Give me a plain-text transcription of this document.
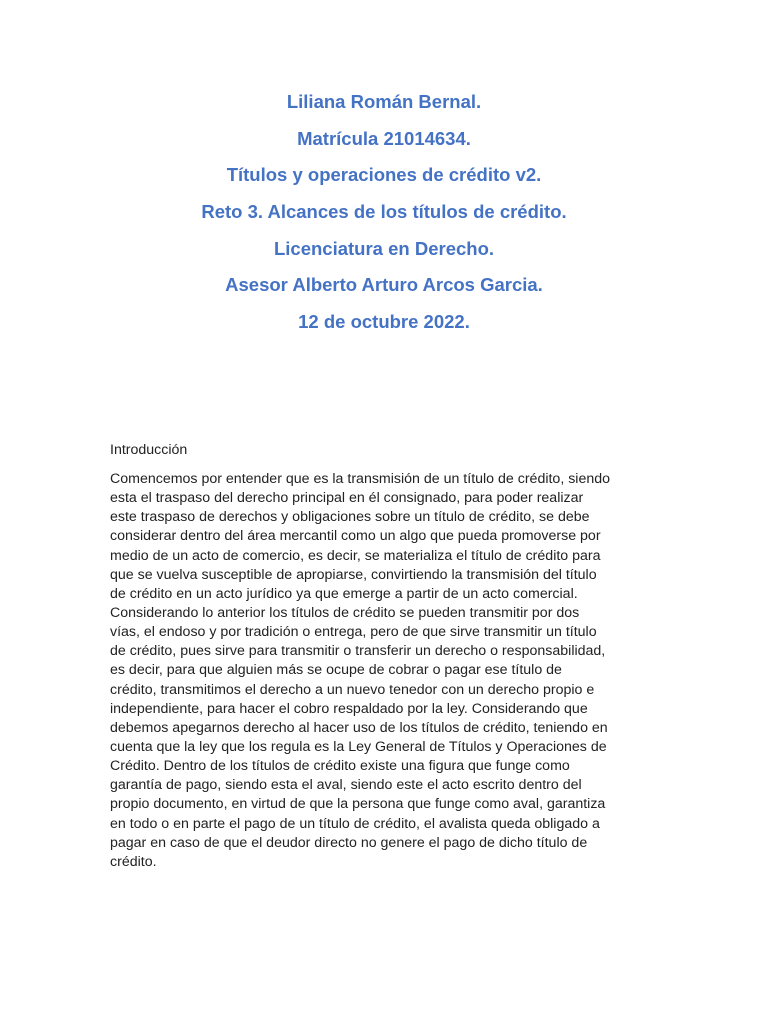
Liliana Román Bernal.
Matrícula 21014634.
Títulos y operaciones de crédito v2.
Reto 3. Alcances de los títulos de crédito.
Licenciatura en Derecho.
Asesor Alberto Arturo Arcos Garcia.
12 de octubre 2022.
Introducción
Comencemos por entender que es la transmisión de un título de crédito, siendo
esta el traspaso del derecho principal en él consignado, para poder realizar
este traspaso de derechos y obligaciones sobre un título de crédito, se debe
considerar dentro del área mercantil como un algo que pueda promoverse por
medio de un acto de comercio, es decir, se materializa el título de crédito para
que se vuelva susceptible de apropiarse, convirtiendo la transmisión del título
de crédito en un acto jurídico ya que emerge a partir de un acto comercial.
Considerando lo anterior los títulos de crédito se pueden transmitir por dos
vías, el endoso y por tradición o entrega, pero de que sirve transmitir un título
de crédito, pues sirve para transmitir o transferir un derecho o responsabilidad,
es decir, para que alguien más se ocupe de cobrar o pagar ese título de
crédito, transmitimos el derecho a un nuevo tenedor con un derecho propio e
independiente, para hacer el cobro respaldado por la ley. Considerando que
debemos apegarnos derecho al hacer uso de los títulos de crédito, teniendo en
cuenta que la ley que los regula es la Ley General de Títulos y Operaciones de
Crédito. Dentro de los títulos de crédito existe una figura que funge como
garantía de pago, siendo esta el aval, siendo este el acto escrito dentro del
propio documento, en virtud de que la persona que funge como aval, garantiza
en todo o en parte el pago de un título de crédito, el avalista queda obligado a
pagar en caso de que el deudor directo no genere el pago de dicho título de
crédito.
